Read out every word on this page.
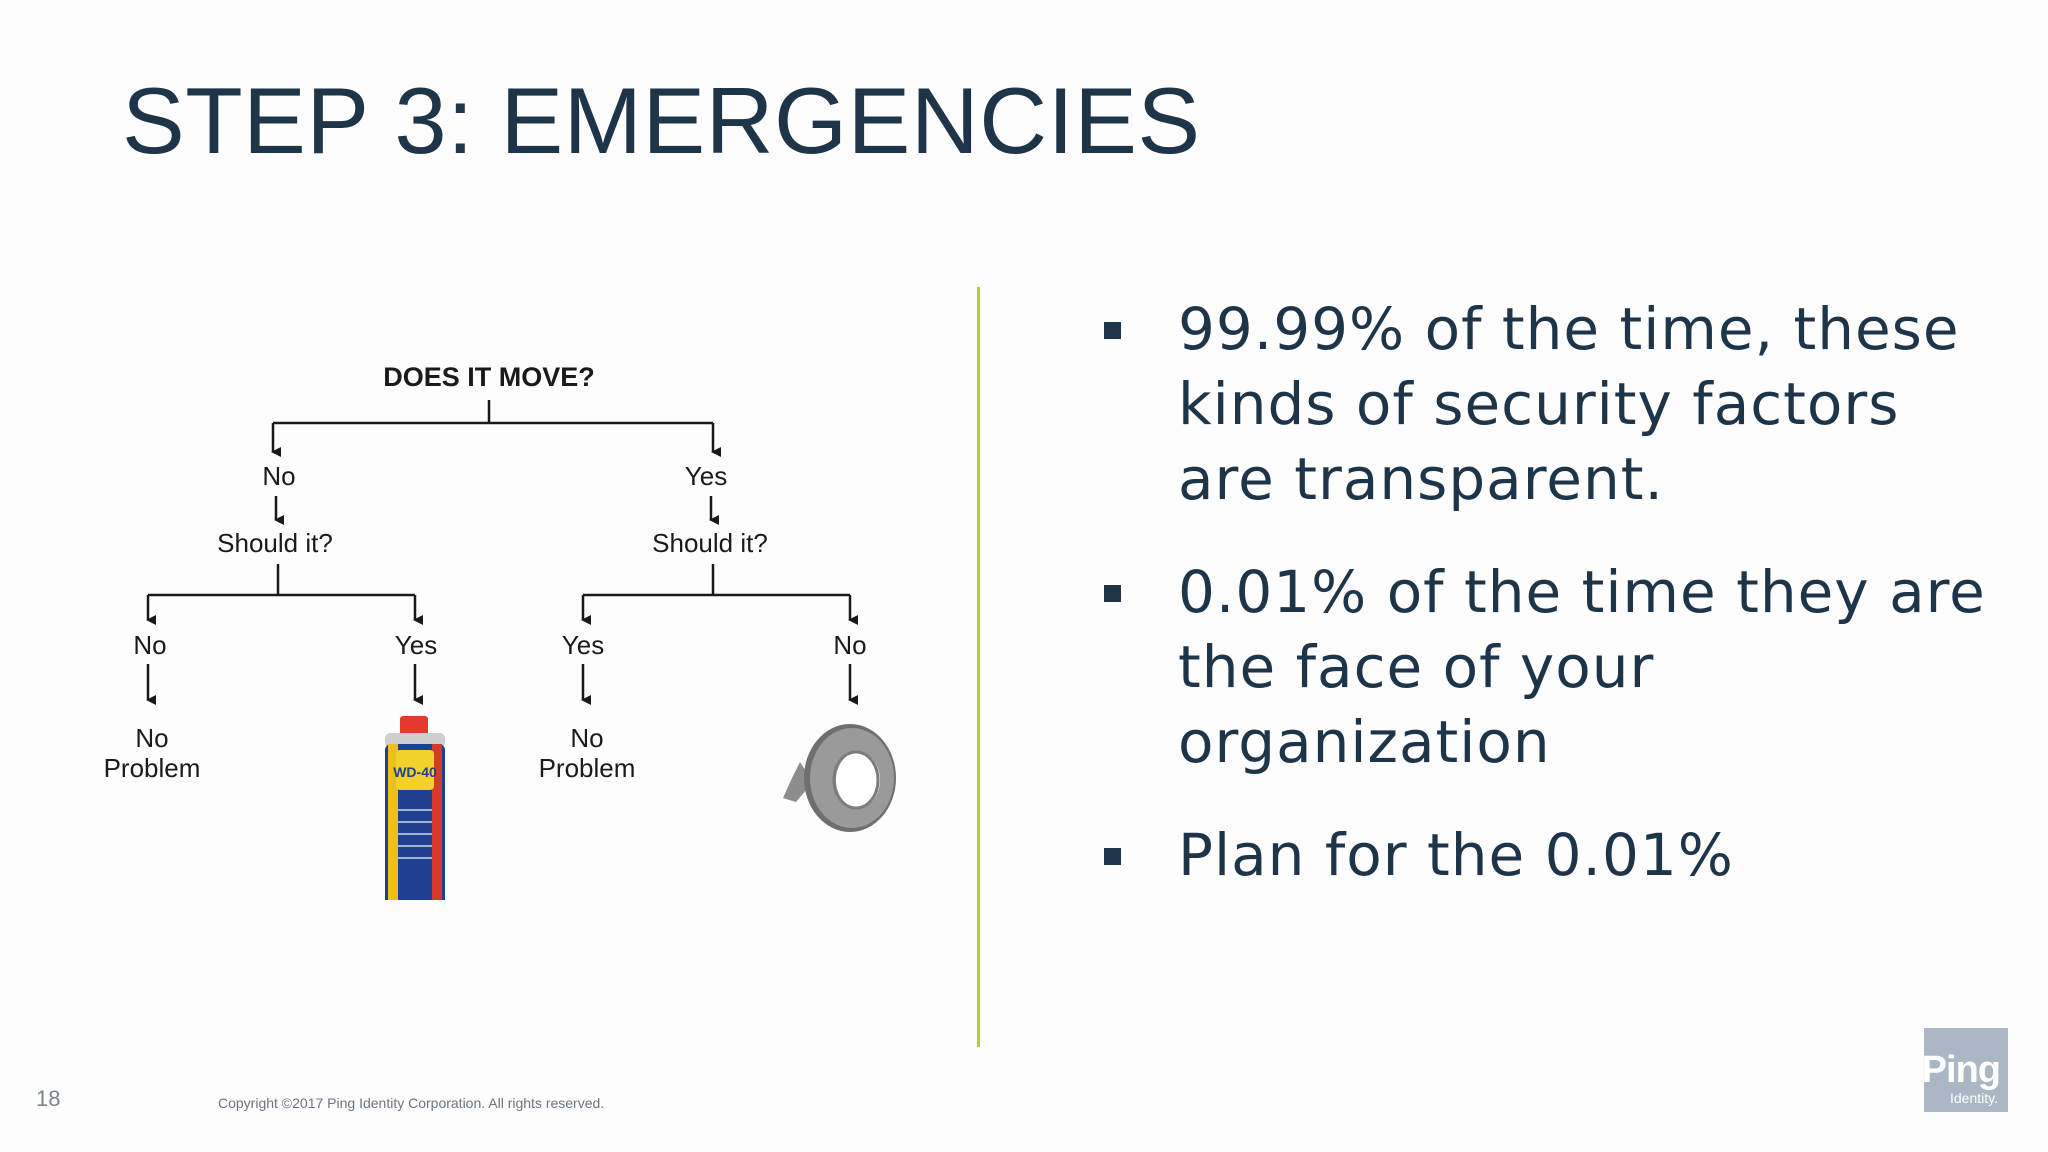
STEP 3: EMERGENCIES
WD-40
DOES IT MOVE?
No	Yes
Should it?	Should it?
No	Yes	Yes	No
No
Problem
No
Problem
99.99% of the time, these kinds of security factors are transparent.
0.01% of the time they are the face of your organization
Plan for the 0.01%
18	Copyright ©2017 Ping Identity Corporation. All rights reserved.
Ping
Identity.
